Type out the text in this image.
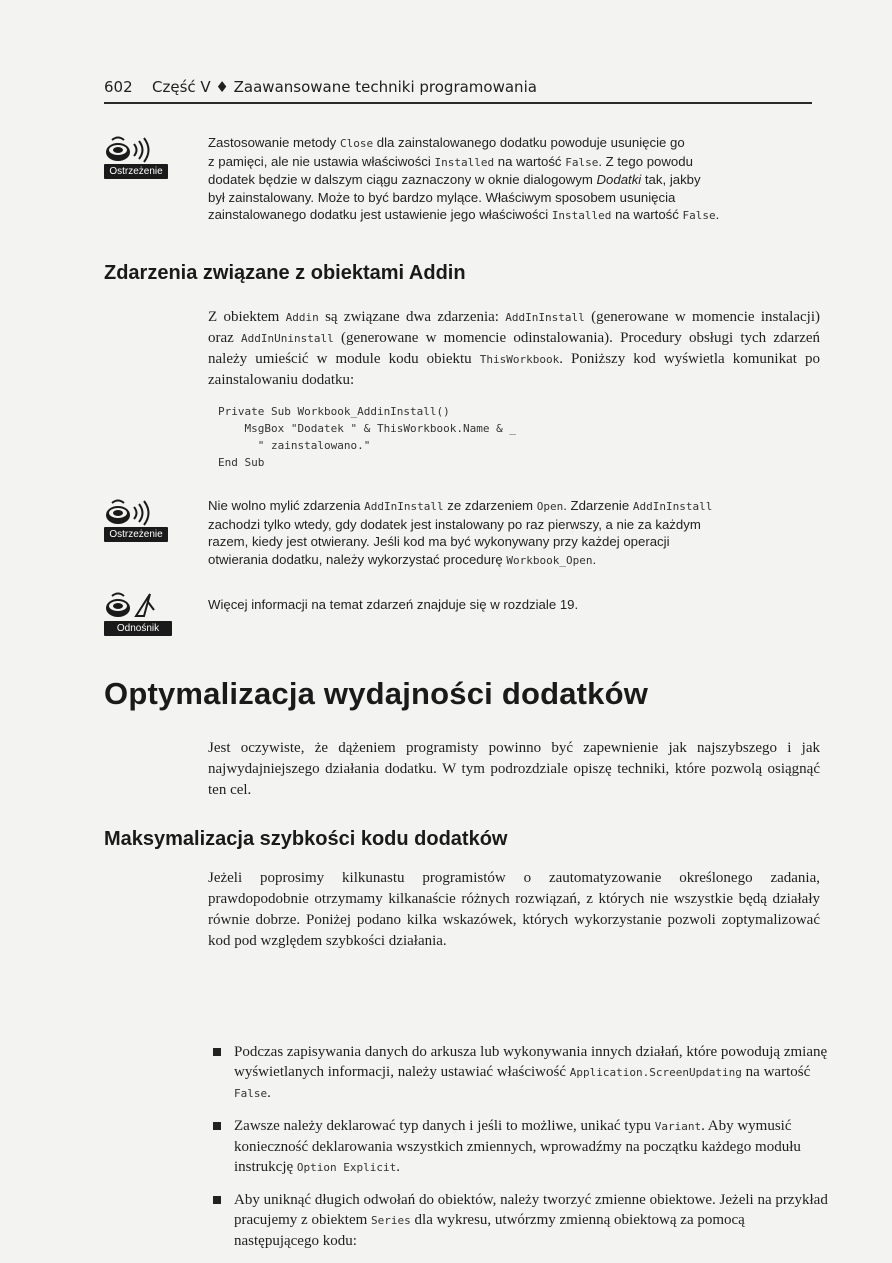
602 Część V ♦ Zaawansowane techniki programowania
Ostrzeżenie
Zastosowanie metody Close dla zainstalowanego dodatku powoduje usunięcie go
z pamięci, ale nie ustawia właściwości Installed na wartość False. Z tego powodu
dodatek będzie w dalszym ciągu zaznaczony w oknie dialogowym Dodatki tak, jakby
był zainstalowany. Może to być bardzo mylące. Właściwym sposobem usunięcia
zainstalowanego dodatku jest ustawienie jego właściwości Installed na wartość False.
Zdarzenia związane z obiektami Addin

Z obiektem Addin są związane dwa zdarzenia: AddInInstall (generowane w momencie instalacji) oraz AddInUninstall (generowane w momencie odinstalowania). Procedury obsługi tych zdarzeń należy umieścić w module kodu obiektu ThisWorkbook. Poniższy kod wyświetla komunikat po zainstalowaniu dodatku:

Private Sub Workbook_AddinInstall()
MsgBox "Dodatek " & ThisWorkbook.Name & _
" zainstalowano."
End Sub
Ostrzeżenie
Nie wolno mylić zdarzenia AddInInstall ze zdarzeniem Open. Zdarzenie AddInInstall
zachodzi tylko wtedy, gdy dodatek jest instalowany po raz pierwszy, a nie za każdym
razem, kiedy jest otwierany. Jeśli kod ma być wykonywany przy każdej operacji
otwierania dodatku, należy wykorzystać procedurę Workbook_Open.
Odnośnik
Więcej informacji na temat zdarzeń znajduje się w rozdziale 19.
Optymalizacja wydajności dodatków

Jest oczywiste, że dążeniem programisty powinno być zapewnienie jak najszybszego i jak najwydajniejszego działania dodatku. W tym podrozdziale opiszę techniki, które pozwolą osiągnąć ten cel.

Maksymalizacja szybkości kodu dodatków

Jeżeli poprosimy kilkunastu programistów o zautomatyzowanie określonego zadania, prawdopodobnie otrzymamy kilkanaście różnych rozwiązań, z których nie wszystkie będą działały równie dobrze. Poniżej podano kilka wskazówek, których wykorzystanie pozwoli zoptymalizować kod pod względem szybkości działania.

Podczas zapisywania danych do arkusza lub wykonywania innych działań, które powodują zmianę wyświetlanych informacji, należy ustawiać właściwość Application.ScreenUpdating na wartość False.
Zawsze należy deklarować typ danych i jeśli to możliwe, unikać typu Variant. Aby wymusić konieczność deklarowania wszystkich zmiennych, wprowadźmy na początku każdego modułu instrukcję Option Explicit.
Aby uniknąć długich odwołań do obiektów, należy tworzyć zmienne obiektowe. Jeżeli na przykład pracujemy z obiektem Series dla wykresu, utwórzmy zmienną obiektową za pomocą następującego kodu:
